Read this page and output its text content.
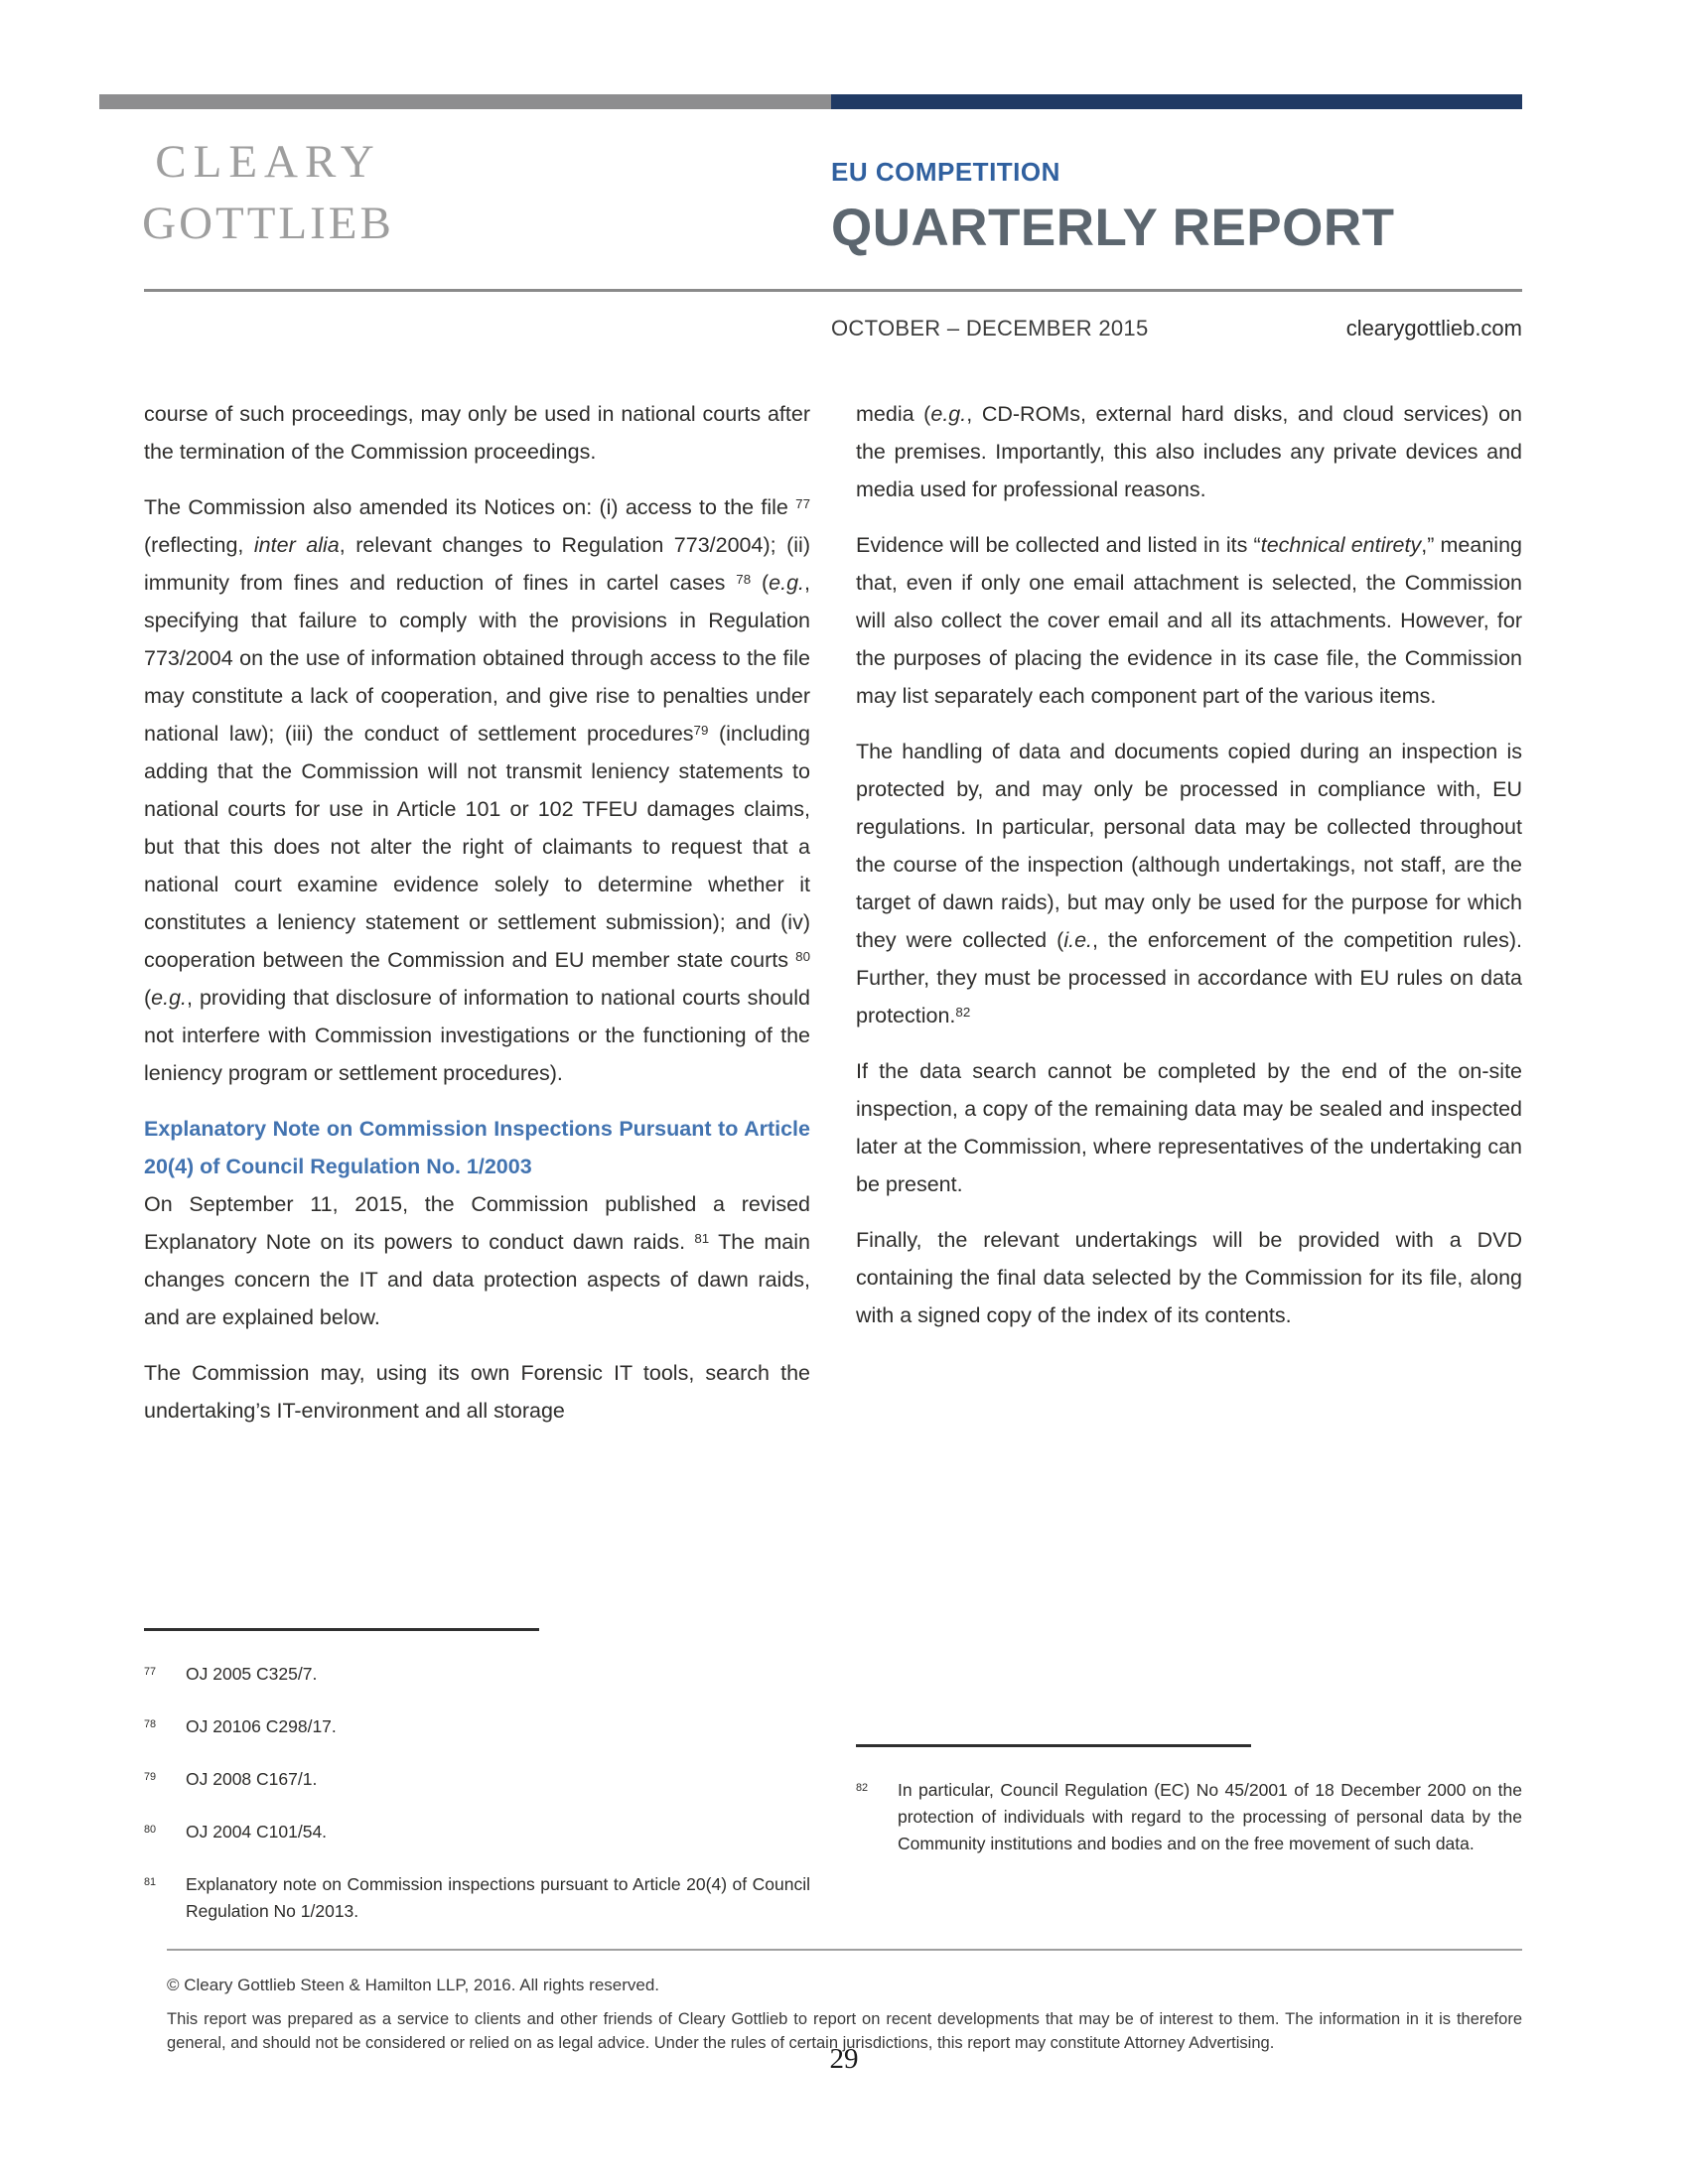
CLEARY
GOTTLIEB
EU COMPETITION
QUARTERLY REPORT
OCTOBER – DECEMBER 2015	clearygottlieb.com

course of such proceedings, may only be used in national courts after the termination of the Commission proceedings.

The Commission also amended its Notices on: (i) access to the file $^{77}$ (reflecting, inter alia, relevant changes to Regulation 773/2004); (ii) immunity from fines and reduction of fines in cartel cases $^{78}$ (e.g., specifying that failure to comply with the provisions in Regulation 773/2004 on the use of information obtained through access to the file may constitute a lack of cooperation, and give rise to penalties under national law); (iii) the conduct of settlement procedures$^{79}$ (including adding that the Commission will not transmit leniency statements to national courts for use in Article 101 or 102 TFEU damages claims, but that this does not alter the right of claimants to request that a national court examine evidence solely to determine whether it constitutes a leniency statement or settlement submission); and (iv) cooperation between the Commission and EU member state courts $^{80}$ (e.g., providing that disclosure of information to national courts should not interfere with Commission investigations or the functioning of the leniency program or settlement procedures).

Explanatory Note on Commission Inspections Pursuant to Article 20(4) of Council Regulation No. 1/2003

On September 11, 2015, the Commission published a revised Explanatory Note on its powers to conduct dawn raids. $^{81}$ The main changes concern the IT and data protection aspects of dawn raids, and are explained below.

The Commission may, using its own Forensic IT tools, search the undertaking’s IT-environment and all storage

$^{77}$	OJ 2005 C325/7.
$^{78}$	OJ 20106 C298/17.
$^{79}$	OJ 2008 C167/1.
$^{80}$	OJ 2004 C101/54.
$^{81}$	Explanatory note on Commission inspections pursuant to Article 20(4) of Council Regulation No 1/2013.

media (e.g., CD-ROMs, external hard disks, and cloud services) on the premises. Importantly, this also includes any private devices and media used for professional reasons.

Evidence will be collected and listed in its “technical entirety,” meaning that, even if only one email attachment is selected, the Commission will also collect the cover email and all its attachments. However, for the purposes of placing the evidence in its case file, the Commission may list separately each component part of the various items.

The handling of data and documents copied during an inspection is protected by, and may only be processed in compliance with, EU regulations. In particular, personal data may be collected throughout the course of the inspection (although undertakings, not staff, are the target of dawn raids), but may only be used for the purpose for which they were collected (i.e., the enforcement of the competition rules). Further, they must be processed in accordance with EU rules on data protection.$^{82}$

If the data search cannot be completed by the end of the on-site inspection, a copy of the remaining data may be sealed and inspected later at the Commission, where representatives of the undertaking can be present.

Finally, the relevant undertakings will be provided with a DVD containing the final data selected by the Commission for its file, along with a signed copy of the index of its contents.

$^{82}$	In particular, Council Regulation (EC) No 45/2001 of 18 December 2000 on the protection of individuals with regard to the processing of personal data by the Community institutions and bodies and on the free movement of such data.
© Cleary Gottlieb Steen & Hamilton LLP, 2016. All rights reserved.
This report was prepared as a service to clients and other friends of Cleary Gottlieb to report on recent developments that may be of interest to them. The information in it is therefore general, and should not be considered or relied on as legal advice. Under the rules of certain jurisdictions, this report may constitute Attorney Advertising.
29
